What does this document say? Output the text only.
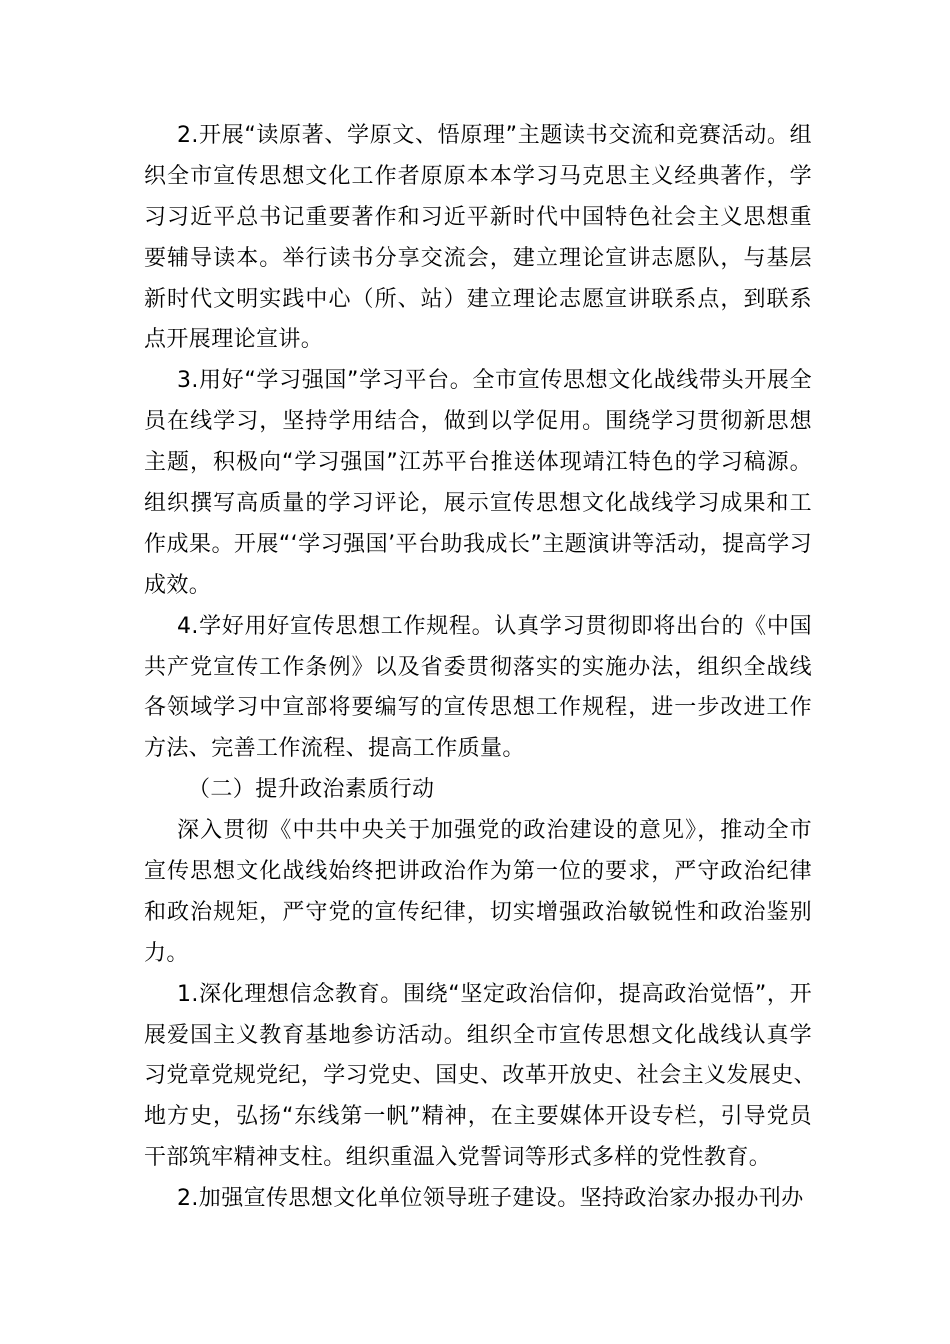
2.开展“读原著、学原文、悟原理”主题读书交流和竞赛活动。组
织全市宣传思想文化工作者原原本本学习马克思主义经典著作，学
习习近平总书记重要著作和习近平新时代中国特色社会主义思想重
要辅导读本。举行读书分享交流会，建立理论宣讲志愿队，与基层
新时代文明实践中心（所、站）建立理论志愿宣讲联系点，到联系
点开展理论宣讲。
3.用好“学习强国”学习平台。全市宣传思想文化战线带头开展全
员在线学习，坚持学用结合，做到以学促用。围绕学习贯彻新思想
主题，积极向“学习强国”江苏平台推送体现靖江特色的学习稿源。
组织撰写高质量的学习评论，展示宣传思想文化战线学习成果和工
作成果。开展“‘学习强国’平台助我成长”主题演讲等活动，提高学习
成效。
4.学好用好宣传思想工作规程。认真学习贯彻即将出台的《中国
共产党宣传工作条例》以及省委贯彻落实的实施办法，组织全战线
各领域学习中宣部将要编写的宣传思想工作规程，进一步改进工作
方法、完善工作流程、提高工作质量。
（二）提升政治素质行动
深入贯彻《中共中央关于加强党的政治建设的意见》，推动全市
宣传思想文化战线始终把讲政治作为第一位的要求，严守政治纪律
和政治规矩，严守党的宣传纪律，切实增强政治敏锐性和政治鉴别
力。
1.深化理想信念教育。围绕“坚定政治信仰，提高政治觉悟”，开
展爱国主义教育基地参访活动。组织全市宣传思想文化战线认真学
习党章党规党纪，学习党史、国史、改革开放史、社会主义发展史、
地方史，弘扬“东线第一帆”精神，在主要媒体开设专栏，引导党员
干部筑牢精神支柱。组织重温入党誓词等形式多样的党性教育。
2.加强宣传思想文化单位领导班子建设。坚持政治家办报办刊办
